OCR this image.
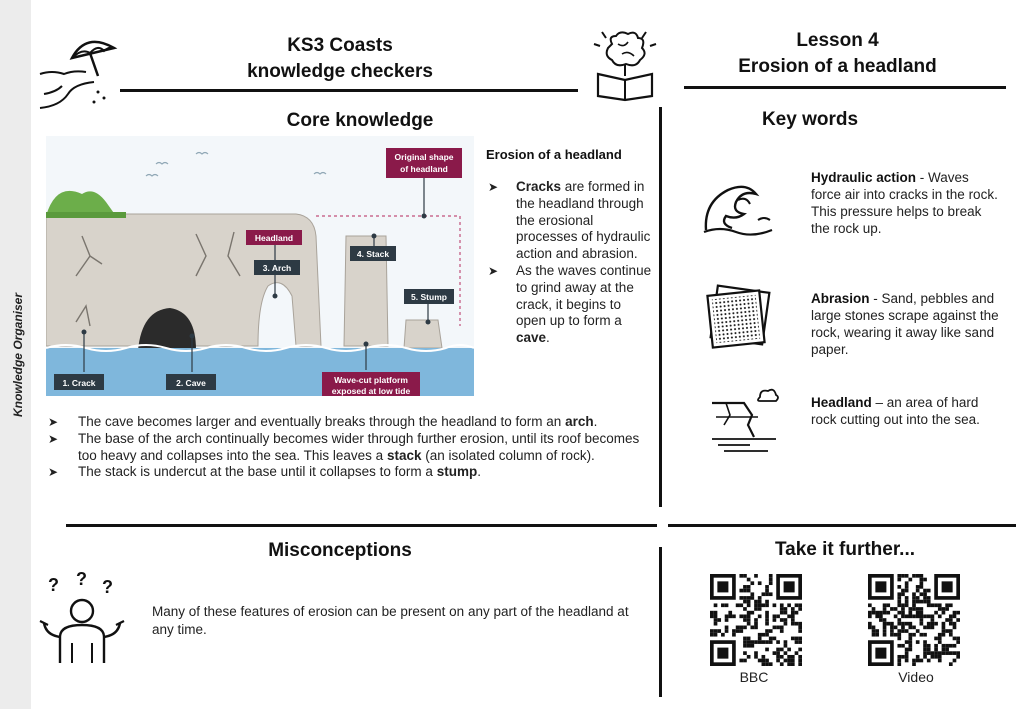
Knowledge Organiser
KS3 Coasts
knowledge checkers
Lesson 4
Erosion of a headland
Core knowledge	Key words
Original shape
of headland
Headland
3. Arch
4. Stack
5. Stump
1. Crack	2. Cave	Wave-cut platform
exposed at low tide
Erosion of a headland
➤ Cracks are formed in the headland through the erosional processes of hydraulic action and abrasion.
➤ As the waves continue to grind away at the crack, it begins to open up to form a cave.
➤ The cave becomes larger and eventually breaks through the headland to form an arch.
➤ The base of the arch continually becomes wider through further erosion, until its roof becomes too heavy and collapses into the sea. This leaves a stack (an isolated column of rock).
➤ The stack is undercut at the base until it collapses to form a stump.
Hydraulic action - Waves force air into cracks in the rock. This pressure helps to break the rock up.
Abrasion - Sand, pebbles and large stones scrape against the rock, wearing it away like sand paper.
Headland – an area of hard rock cutting out into the sea.
Misconceptions
? ? ?
Many of these features of erosion can be present on any part of the headland at any time.
Take it further...
BBC	Video
